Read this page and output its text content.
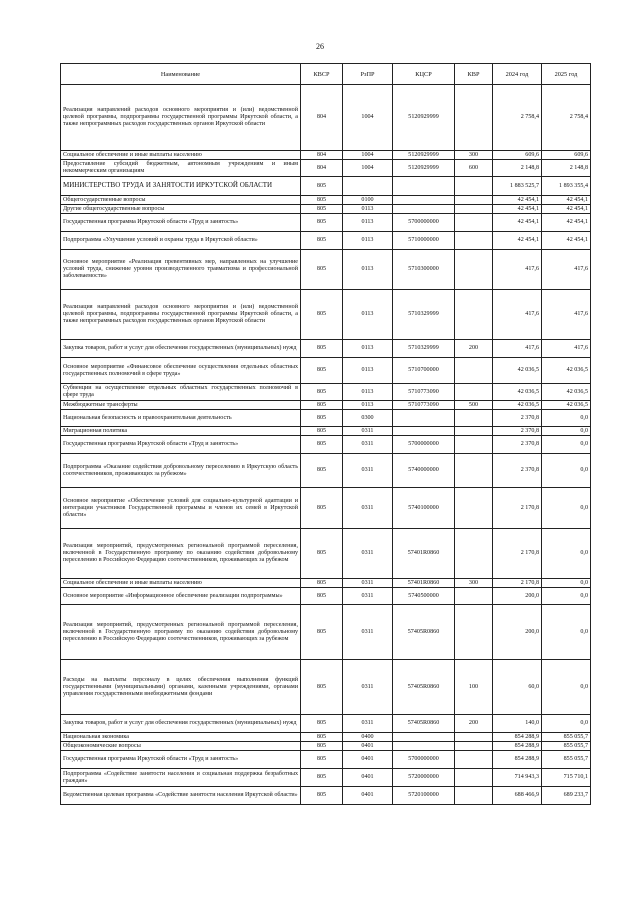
26
Наименование	КВСР	РзПР	КЦСР	КВР	2024 год	2025 год
Реализация направлений расходов основного мероприятия и (или) ведомственной целевой программы, подпрограммы государственной программы Иркутской области, а также непрограммных расходов государственных органов Иркутской области	804	1004	5120929999		2 758,4	2 758,4
Социальное обеспечение и иные выплаты населению	804	1004	5120929999	300	609,6	609,6
Предоставление субсидий бюджетным, автономным учреждениям и иным некоммерческим организациям	804	1004	5120929999	600	2 148,8	2 148,8
МИНИСТЕРСТВО ТРУДА И ЗАНЯТОСТИ ИРКУТСКОЙ ОБЛАСТИ	805				1 883 525,7	1 893 355,4
Общегосударственные вопросы	805	0100			42 454,1	42 454,1
Другие общегосударственные вопросы	805	0113			42 454,1	42 454,1
Государственная программа Иркутской области «Труд и занятость»	805	0113	5700000000		42 454,1	42 454,1
Подпрограмма «Улучшение условий и охраны труда в Иркутской области»	805	0113	5710000000		42 454,1	42 454,1
Основное мероприятие «Реализация превентивных мер, направленных на улучшение условий труда, снижение уровня производственного травматизма и профессиональной заболеваемости»	805	0113	5710300000		417,6	417,6
Реализация направлений расходов основного мероприятия и (или) ведомственной целевой программы, подпрограммы государственной программы Иркутской области, а также непрограммных расходов государственных органов Иркутской области	805	0113	5710329999		417,6	417,6
Закупка товаров, работ и услуг для обеспечения государственных (муниципальных) нужд	805	0113	5710329999	200	417,6	417,6
Основное мероприятие «Финансовое обеспечение осуществления отдельных областных государственных полномочий в сфере труда»	805	0113	5710700000		42 036,5	42 036,5
Субвенции на осуществление отдельных областных государственных полномочий в сфере труда	805	0113	5710773090		42 036,5	42 036,5
Межбюджетные трансферты	805	0113	5710773090	500	42 036,5	42 036,5
Национальная безопасность и правоохранительная деятельность	805	0300			2 370,8	0,0
Миграционная политика	805	0311			2 370,8	0,0
Государственная программа Иркутской области «Труд и занятость»	805	0311	5700000000		2 370,8	0,0
Подпрограмма «Оказание содействия добровольному переселению в Иркутскую область соотечественников, проживающих за рубежом»	805	0311	5740000000		2 370,8	0,0
Основное мероприятие «Обеспечение условий для социально-культурной адаптации и интеграции участников Государственной программы и членов их семей в Иркутской области»	805	0311	5740100000		2 170,8	0,0
Реализация мероприятий, предусмотренных региональной программой переселения, включенной в Государственную программу по оказанию содействия добровольному переселению в Российскую Федерацию соотечественников, проживающих за рубежом	805	0311	57401R0860		2 170,8	0,0
Социальное обеспечение и иные выплаты населению	805	0311	57401R0860	300	2 170,8	0,0
Основное мероприятие «Информационное обеспечение реализации подпрограммы»	805	0311	5740500000		200,0	0,0
Реализация мероприятий, предусмотренных региональной программой переселения, включенной в Государственную программу по оказанию содействия добровольному переселению в Российскую Федерацию соотечественников, проживающих за рубежом	805	0311	57405R0860		200,0	0,0
Расходы на выплаты персоналу в целях обеспечения выполнения функций государственными (муниципальными) органами, казенными учреждениями, органами управления государственными внебюджетными фондами	805	0311	57405R0860	100	60,0	0,0
Закупка товаров, работ и услуг для обеспечения государственных (муниципальных) нужд	805	0311	57405R0860	200	140,0	0,0
Национальная экономика	805	0400			854 288,9	855 055,7
Общеэкономические вопросы	805	0401			854 288,9	855 055,7
Государственная программа Иркутской области «Труд и занятость»	805	0401	5700000000		854 288,9	855 055,7
Подпрограмма «Содействие занятости населения и социальная поддержка безработных граждан»	805	0401	5720000000		714 943,3	715 710,1
Ведомственная целевая программа «Содействие занятости населения Иркутской области»	805	0401	5720100000		688 466,9	689 233,7
